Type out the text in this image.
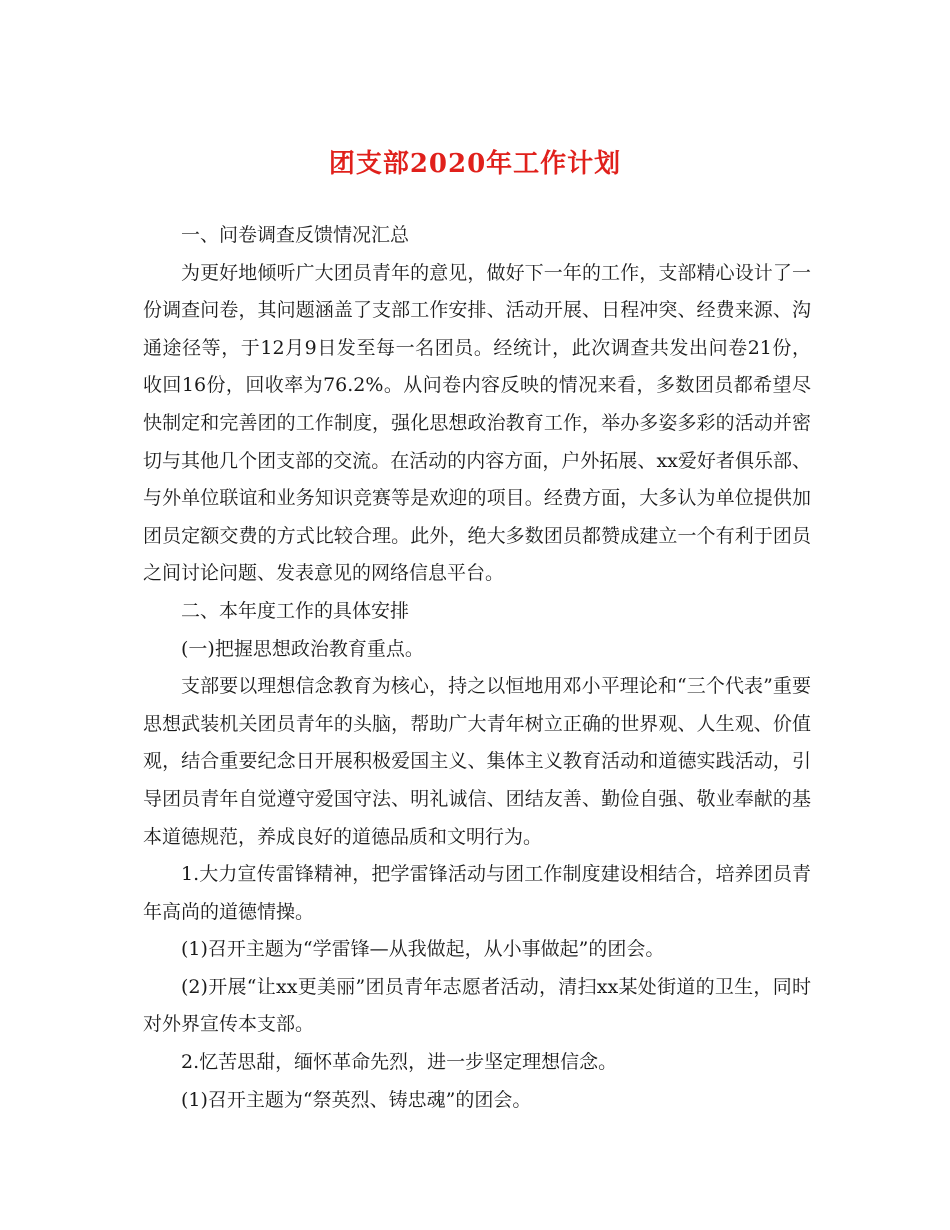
团支部2020年工作计划

一、问卷调查反馈情况汇总

为更好地倾听广大团员青年的意见，做好下一年的工作，支部精心设计了一份调查问卷，其问题涵盖了支部工作安排、活动开展、日程冲突、经费来源、沟通途径等，于12月9日发至每一名团员。经统计，此次调查共发出问卷21份，收回16份，回收率为76.2%。从问卷内容反映的情况来看，多数团员都希望尽快制定和完善团的工作制度，强化思想政治教育工作，举办多姿多彩的活动并密切与其他几个团支部的交流。在活动的内容方面，户外拓展、xx爱好者俱乐部、与外单位联谊和业务知识竞赛等是欢迎的项目。经费方面，大多认为单位提供加团员定额交费的方式比较合理。此外，绝大多数团员都赞成建立一个有利于团员之间讨论问题、发表意见的网络信息平台。

二、本年度工作的具体安排

(一)把握思想政治教育重点。

支部要以理想信念教育为核心，持之以恒地用邓小平理论和“三个代表”重要思想武装机关团员青年的头脑，帮助广大青年树立正确的世界观、人生观、价值观，结合重要纪念日开展积极爱国主义、集体主义教育活动和道德实践活动，引导团员青年自觉遵守爱国守法、明礼诚信、团结友善、勤俭自强、敬业奉献的基本道德规范，养成良好的道德品质和文明行为。

1.大力宣传雷锋精神，把学雷锋活动与团工作制度建设相结合，培养团员青年高尚的道德情操。

(1)召开主题为“学雷锋—从我做起，从小事做起”的团会。

(2)开展“让xx更美丽”团员青年志愿者活动，清扫xx某处街道的卫生，同时对外界宣传本支部。

2.忆苦思甜，缅怀革命先烈，进一步坚定理想信念。

(1)召开主题为“祭英烈、铸忠魂”的团会。
